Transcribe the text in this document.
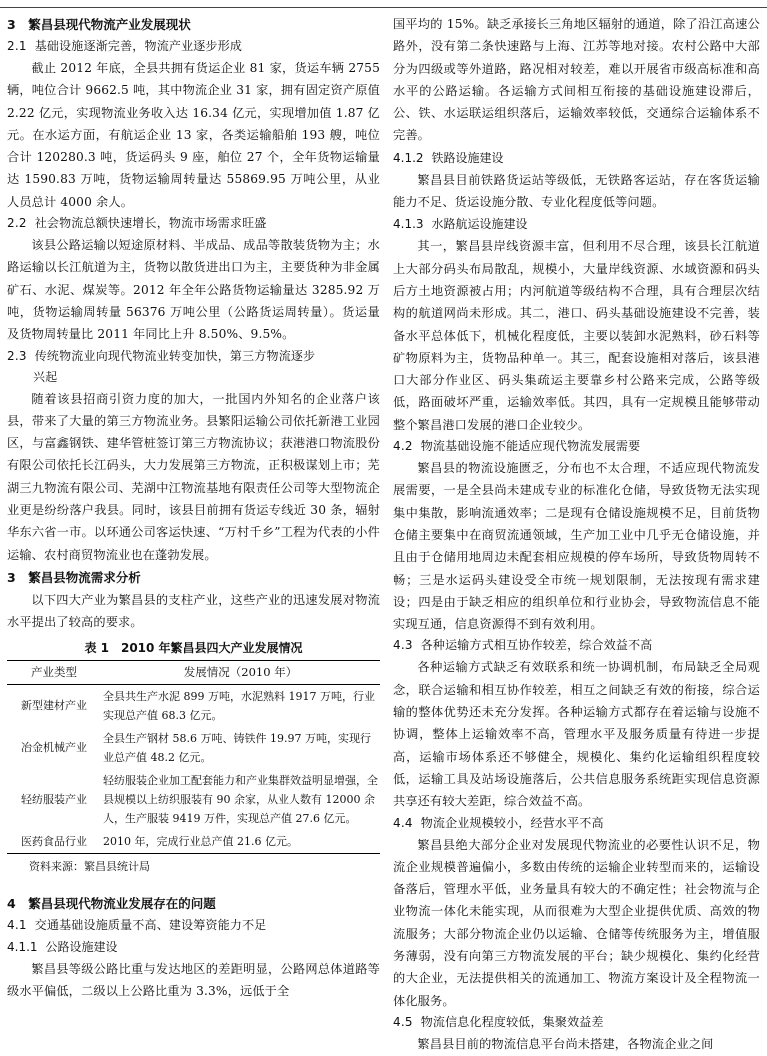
3　繁昌县现代物流产业发展现状
2.1 基础设施逐渐完善，物流产业逐步形成

截止 2012 年底，全县共拥有货运企业 81 家，货运车辆 2755 辆，吨位合计 9662.5 吨，其中物流企业 31 家，拥有固定资产原值 2.22 亿元，实现物流业务收入达 16.34 亿元，实现增加值 1.87 亿元。在水运方面，有航运企业 13 家，各类运输船舶 193 艘，吨位合计 120280.3 吨，货运码头 9 座，舶位 27 个，全年货物运输量达 1590.83 万吨，货物运输周转量达 55869.95 万吨公里，从业人员总计 4000 余人。

2.2 社会物流总额快速增长，物流市场需求旺盛

该县公路运输以短途原材料、半成品、成品等散装货物为主；水路运输以长江航道为主，货物以散货进出口为主，主要货种为非金属矿石、水泥、煤炭等。2012 年全年公路货物运输量达 3285.92 万吨，货物运输周转量 56376 万吨公里（公路货运周转量）。货运量及货物周转量比 2011 年同比上升 8.50%、9.5%。

2.3 传统物流业向现代物流业转变加快，第三方物流逐步
兴起

随着该县招商引资力度的加大，一批国内外知名的企业落户该县，带来了大量的第三方物流业务。县繁阳运输公司依托新港工业园区，与富鑫钢铁、建华管桩签订第三方物流协议；获港港口物流股份有限公司依托长江码头，大力发展第三方物流，正积极谋划上市；芜湖三九物流有限公司、芜湖中江物流基地有限责任公司等大型物流企业更是纷纷落户我县。同时，该县目前拥有货运专线近 30 条，辐射华东六省一市。以环通公司客运快速、“万村千乡”工程为代表的小件运输、农村商贸物流业也在蓬勃发展。

3　繁昌县物流需求分析

以下四大产业为繁昌县的支柱产业，这些产业的迅速发展对物流水平提出了较高的要求。

表 1　2010 年繁昌县四大产业发展情况
产业类型	发展情况（2010 年）
新型建材产业	全县共生产水泥 899 万吨，水泥熟料 1917 万吨，行业实现总产值 68.3 亿元。
冶金机械产业	全县生产钢材 58.6 万吨、铸铁件 19.97 万吨，实现行业总产值 48.2 亿元。
轻纺服装产业	轻纺服装企业加工配套能力和产业集群效益明显增强，全县规模以上纺织服装有 90 余家，从业人数有 12000 余人，生产服装 9419 万件，实现总产值 27.6 亿元。
医药食品行业	2010 年，完成行业总产值 21.6 亿元。
资料来源：繁昌县统计局
4　繁昌县现代物流业发展存在的问题
4.1 交通基础设施质量不高、建设筹资能力不足
4.1.1 公路设施建设

繁昌县等级公路比重与发达地区的差距明显，公路网总体道路等级水平偏低，二级以上公路比重为 3.3%，远低于全

国平均的 15%。缺乏承接长三角地区辐射的通道，除了沿江高速公路外，没有第二条快速路与上海、江苏等地对接。农村公路中大部分为四级或等外道路，路况相对较差，难以开展省市级高标准和高水平的公路运输。各运输方式间相互衔接的基础设施建设滞后，公、铁、水运联运组织落后，运输效率较低，交通综合运输体系不完善。

4.1.2 铁路设施建设

繁昌县目前铁路货运站等级低，无铁路客运站，存在客货运输能力不足、货运设施分散、专业化程度低等问题。

4.1.3 水路航运设施建设

其一，繁昌县岸线资源丰富，但利用不尽合理，该县长江航道上大部分码头布局散乱，规模小，大量岸线资源、水域资源和码头后方土地资源被占用；内河航道等级结构不合理，具有合理层次结构的航道网尚未形成。其二，港口、码头基础设施建设不完善，装备水平总体低下，机械化程度低，主要以装卸水泥熟料，砂石料等矿物原料为主，货物品种单一。其三，配套设施相对落后，该县港口大部分作业区、码头集疏运主要靠乡村公路来完成，公路等级低，路面破坏严重，运输效率低。其四，具有一定规模且能够带动整个繁昌港口发展的港口企业较少。

4.2 物流基础设施不能适应现代物流发展需要

繁昌县的物流设施匮乏，分布也不太合理，不适应现代物流发展需要，一是全县尚未建成专业的标准化仓储，导致货物无法实现集中集散，影响流通效率；二是现有仓储设施规模不足，目前货物仓储主要集中在商贸流通领域，生产加工业中几乎无仓储设施，并且由于仓储用地周边未配套相应规模的停车场所，导致货物周转不畅；三是水运码头建设受全市统一规划限制，无法按现有需求建设；四是由于缺乏相应的组织单位和行业协会，导致物流信息不能实现互通，信息资源得不到有效利用。

4.3 各种运输方式相互协作较差，综合效益不高

各种运输方式缺乏有效联系和统一协调机制，布局缺乏全局观念，联合运输和相互协作较差，相互之间缺乏有效的衔接，综合运输的整体优势还未充分发挥。各种运输方式都存在着运输与设施不协调，整体上运输效率不高，管理水平及服务质量有待进一步提高，运输市场体系还不够健全，规模化、集约化运输组织程度较低，运输工具及站场设施落后，公共信息服务系统距实现信息资源共享还有较大差距，综合效益不高。

4.4 物流企业规模较小，经营水平不高

繁昌县绝大部分企业对发展现代物流业的必要性认识不足，物流企业规模普遍偏小，多数由传统的运输企业转型而来的，运输设备落后，管理水平低，业务量具有较大的不确定性；社会物流与企业物流一体化未能实现，从而很难为大型企业提供优质、高效的物流服务；大部分物流企业仍以运输、仓储等传统服务为主，增值服务薄弱，没有向第三方物流发展的平台；缺少规模化、集约化经营的大企业，无法提供相关的流通加工、物流方案设计及全程物流一体化服务。

4.5 物流信息化程度较低，集聚效益差

繁昌县目前的物流信息平台尚未搭建，各物流企业之间
